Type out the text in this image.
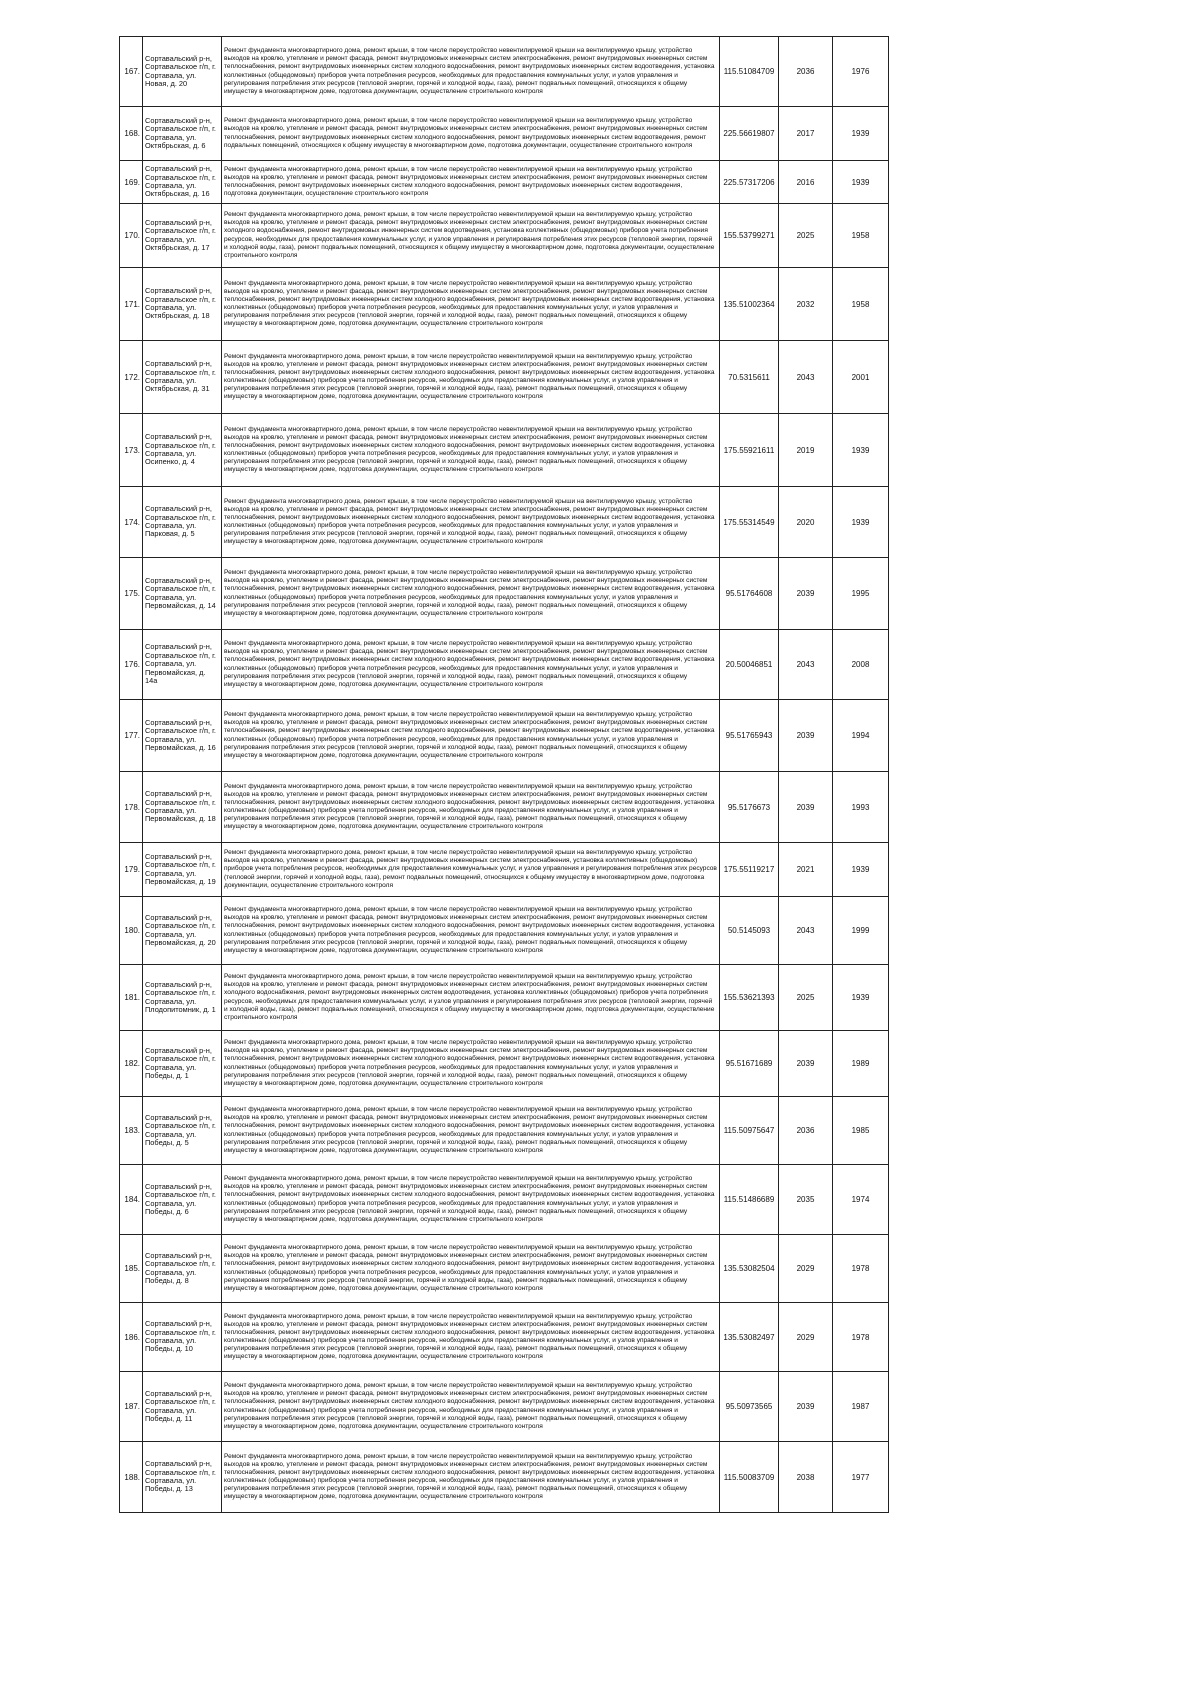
167.	Сортавальский р-н, Сортавальское г/п, г. Сортавала, ул. Новая, д. 20	Ремонт фундамента многоквартирного дома, ремонт крыши, в том числе переустройство невентилируемой крыши на вентилируемую крышу, устройство выходов на кровлю, утепление и ремонт фасада, ремонт внутридомовых инженерных систем электроснабжения, ремонт внутридомовых инженерных систем теплоснабжения, ремонт внутридомовых инженерных систем холодного водоснабжения, ремонт внутридомовых инженерных систем водоотведения, установка коллективных (общедомовых) приборов учета потребления ресурсов, необходимых для предоставления коммунальных услуг, и узлов управления и регулирования потребления этих ресурсов (тепловой энергии, горячей и холодной воды, газа), ремонт подвальных помещений, относящихся к общему имуществу в многоквартирном доме, подготовка документации, осуществление строительного контроля	115.51084709	2036	1976
168.	Сортавальский р-н, Сортавальское г/п, г. Сортавала, ул. Октябрьская, д. 6	Ремонт фундамента многоквартирного дома, ремонт крыши, в том числе переустройство невентилируемой крыши на вентилируемую крышу, устройство выходов на кровлю, утепление и ремонт фасада, ремонт внутридомовых инженерных систем электроснабжения, ремонт внутридомовых инженерных систем теплоснабжения, ремонт внутридомовых инженерных систем холодного водоснабжения, ремонт внутридомовых инженерных систем водоотведения, ремонт подвальных помещений, относящихся к общему имуществу в многоквартирном доме, подготовка документации, осуществление строительного контроля	225.56619807	2017	1939
169.	Сортавальский р-н, Сортавальское г/п, г. Сортавала, ул. Октябрьская, д. 16	Ремонт фундамента многоквартирного дома, ремонт крыши, в том числе переустройство невентилируемой крыши на вентилируемую крышу, устройство выходов на кровлю, утепление и ремонт фасада, ремонт внутридомовых инженерных систем электроснабжения, ремонт внутридомовых инженерных систем теплоснабжения, ремонт внутридомовых инженерных систем холодного водоснабжения, ремонт внутридомовых инженерных систем водоотведения, подготовка документации, осуществление строительного контроля	225.57317206	2016	1939
170.	Сортавальский р-н, Сортавальское г/п, г. Сортавала, ул. Октябрьская, д. 17	Ремонт фундамента многоквартирного дома, ремонт крыши, в том числе переустройство невентилируемой крыши на вентилируемую крышу, устройство выходов на кровлю, утепление и ремонт фасада, ремонт внутридомовых инженерных систем электроснабжения, ремонт внутридомовых инженерных систем холодного водоснабжения, ремонт внутридомовых инженерных систем водоотведения, установка коллективных (общедомовых) приборов учета потребления ресурсов, необходимых для предоставления коммунальных услуг, и узлов управления и регулирования потребления этих ресурсов (тепловой энергии, горячей и холодной воды, газа), ремонт подвальных помещений, относящихся к общему имуществу в многоквартирном доме, подготовка документации, осуществление строительного контроля	155.53799271	2025	1958
171.	Сортавальский р-н, Сортавальское г/п, г. Сортавала, ул. Октябрьская, д. 18	Ремонт фундамента многоквартирного дома, ремонт крыши, в том числе переустройство невентилируемой крыши на вентилируемую крышу, устройство выходов на кровлю, утепление и ремонт фасада, ремонт внутридомовых инженерных систем электроснабжения, ремонт внутридомовых инженерных систем теплоснабжения, ремонт внутридомовых инженерных систем холодного водоснабжения, ремонт внутридомовых инженерных систем водоотведения, установка коллективных (общедомовых) приборов учета потребления ресурсов, необходимых для предоставления коммунальных услуг, и узлов управления и регулирования потребления этих ресурсов (тепловой энергии, горячей и холодной воды, газа), ремонт подвальных помещений, относящихся к общему имуществу в многоквартирном доме, подготовка документации, осуществление строительного контроля	135.51002364	2032	1958
172.	Сортавальский р-н, Сортавальское г/п, г. Сортавала, ул. Октябрьская, д. 31	Ремонт фундамента многоквартирного дома, ремонт крыши, в том числе переустройство невентилируемой крыши на вентилируемую крышу, устройство выходов на кровлю, утепление и ремонт фасада, ремонт внутридомовых инженерных систем электроснабжения, ремонт внутридомовых инженерных систем теплоснабжения, ремонт внутридомовых инженерных систем холодного водоснабжения, ремонт внутридомовых инженерных систем водоотведения, установка коллективных (общедомовых) приборов учета потребления ресурсов, необходимых для предоставления коммунальных услуг, и узлов управления и регулирования потребления этих ресурсов (тепловой энергии, горячей и холодной воды, газа), ремонт подвальных помещений, относящихся к общему имуществу в многоквартирном доме, подготовка документации, осуществление строительного контроля	70.5315611	2043	2001
173.	Сортавальский р-н, Сортавальское г/п, г. Сортавала, ул. Осипенко, д. 4	Ремонт фундамента многоквартирного дома, ремонт крыши, в том числе переустройство невентилируемой крыши на вентилируемую крышу, устройство выходов на кровлю, утепление и ремонт фасада, ремонт внутридомовых инженерных систем электроснабжения, ремонт внутридомовых инженерных систем теплоснабжения, ремонт внутридомовых инженерных систем холодного водоснабжения, ремонт внутридомовых инженерных систем водоотведения, установка коллективных (общедомовых) приборов учета потребления ресурсов, необходимых для предоставления коммунальных услуг, и узлов управления и регулирования потребления этих ресурсов (тепловой энергии, горячей и холодной воды, газа), ремонт подвальных помещений, относящихся к общему имуществу в многоквартирном доме, подготовка документации, осуществление строительного контроля	175.55921611	2019	1939
174.	Сортавальский р-н, Сортавальское г/п, г. Сортавала, ул. Парковая, д. 5	Ремонт фундамента многоквартирного дома, ремонт крыши, в том числе переустройство невентилируемой крыши на вентилируемую крышу, устройство выходов на кровлю, утепление и ремонт фасада, ремонт внутридомовых инженерных систем электроснабжения, ремонт внутридомовых инженерных систем теплоснабжения, ремонт внутридомовых инженерных систем холодного водоснабжения, ремонт внутридомовых инженерных систем водоотведения, установка коллективных (общедомовых) приборов учета потребления ресурсов, необходимых для предоставления коммунальных услуг, и узлов управления и регулирования потребления этих ресурсов (тепловой энергии, горячей и холодной воды, газа), ремонт подвальных помещений, относящихся к общему имуществу в многоквартирном доме, подготовка документации, осуществление строительного контроля	175.55314549	2020	1939
175.	Сортавальский р-н, Сортавальское г/п, г. Сортавала, ул. Первомайская, д. 14	Ремонт фундамента многоквартирного дома, ремонт крыши, в том числе переустройство невентилируемой крыши на вентилируемую крышу, устройство выходов на кровлю, утепление и ремонт фасада, ремонт внутридомовых инженерных систем электроснабжения, ремонт внутридомовых инженерных систем теплоснабжения, ремонт внутридомовых инженерных систем холодного водоснабжения, ремонт внутридомовых инженерных систем водоотведения, установка коллективных (общедомовых) приборов учета потребления ресурсов, необходимых для предоставления коммунальных услуг, и узлов управления и регулирования потребления этих ресурсов (тепловой энергии, горячей и холодной воды, газа), ремонт подвальных помещений, относящихся к общему имуществу в многоквартирном доме, подготовка документации, осуществление строительного контроля	95.51764608	2039	1995
176.	Сортавальский р-н, Сортавальское г/п, г. Сортавала, ул. Первомайская, д. 14а	Ремонт фундамента многоквартирного дома, ремонт крыши, в том числе переустройство невентилируемой крыши на вентилируемую крышу, устройство выходов на кровлю, утепление и ремонт фасада, ремонт внутридомовых инженерных систем электроснабжения, ремонт внутридомовых инженерных систем теплоснабжения, ремонт внутридомовых инженерных систем холодного водоснабжения, ремонт внутридомовых инженерных систем водоотведения, установка коллективных (общедомовых) приборов учета потребления ресурсов, необходимых для предоставления коммунальных услуг, и узлов управления и регулирования потребления этих ресурсов (тепловой энергии, горячей и холодной воды, газа), ремонт подвальных помещений, относящихся к общему имуществу в многоквартирном доме, подготовка документации, осуществление строительного контроля	20.50046851	2043	2008
177.	Сортавальский р-н, Сортавальское г/п, г. Сортавала, ул. Первомайская, д. 16	Ремонт фундамента многоквартирного дома, ремонт крыши, в том числе переустройство невентилируемой крыши на вентилируемую крышу, устройство выходов на кровлю, утепление и ремонт фасада, ремонт внутридомовых инженерных систем электроснабжения, ремонт внутридомовых инженерных систем теплоснабжения, ремонт внутридомовых инженерных систем холодного водоснабжения, ремонт внутридомовых инженерных систем водоотведения, установка коллективных (общедомовых) приборов учета потребления ресурсов, необходимых для предоставления коммунальных услуг, и узлов управления и регулирования потребления этих ресурсов (тепловой энергии, горячей и холодной воды, газа), ремонт подвальных помещений, относящихся к общему имуществу в многоквартирном доме, подготовка документации, осуществление строительного контроля	95.51765943	2039	1994
178.	Сортавальский р-н, Сортавальское г/п, г. Сортавала, ул. Первомайская, д. 18	Ремонт фундамента многоквартирного дома, ремонт крыши, в том числе переустройство невентилируемой крыши на вентилируемую крышу, устройство выходов на кровлю, утепление и ремонт фасада, ремонт внутридомовых инженерных систем электроснабжения, ремонт внутридомовых инженерных систем теплоснабжения, ремонт внутридомовых инженерных систем холодного водоснабжения, ремонт внутридомовых инженерных систем водоотведения, установка коллективных (общедомовых) приборов учета потребления ресурсов, необходимых для предоставления коммунальных услуг, и узлов управления и регулирования потребления этих ресурсов (тепловой энергии, горячей и холодной воды, газа), ремонт подвальных помещений, относящихся к общему имуществу в многоквартирном доме, подготовка документации, осуществление строительного контроля	95.5176673	2039	1993
179.	Сортавальский р-н, Сортавальское г/п, г. Сортавала, ул. Первомайская, д. 19	Ремонт фундамента многоквартирного дома, ремонт крыши, в том числе переустройство невентилируемой крыши на вентилируемую крышу, устройство выходов на кровлю, утепление и ремонт фасада, ремонт внутридомовых инженерных систем электроснабжения, установка коллективных (общедомовых) приборов учета потребления ресурсов, необходимых для предоставления коммунальных услуг, и узлов управления и регулирования потребления этих ресурсов (тепловой энергии, горячей и холодной воды, газа), ремонт подвальных помещений, относящихся к общему имуществу в многоквартирном доме, подготовка документации, осуществление строительного контроля	175.55119217	2021	1939
180.	Сортавальский р-н, Сортавальское г/п, г. Сортавала, ул. Первомайская, д. 20	Ремонт фундамента многоквартирного дома, ремонт крыши, в том числе переустройство невентилируемой крыши на вентилируемую крышу, устройство выходов на кровлю, утепление и ремонт фасада, ремонт внутридомовых инженерных систем электроснабжения, ремонт внутридомовых инженерных систем теплоснабжения, ремонт внутридомовых инженерных систем холодного водоснабжения, ремонт внутридомовых инженерных систем водоотведения, установка коллективных (общедомовых) приборов учета потребления ресурсов, необходимых для предоставления коммунальных услуг, и узлов управления и регулирования потребления этих ресурсов (тепловой энергии, горячей и холодной воды, газа), ремонт подвальных помещений, относящихся к общему имуществу в многоквартирном доме, подготовка документации, осуществление строительного контроля	50.5145093	2043	1999
181.	Сортавальский р-н, Сортавальское г/п, г. Сортавала, ул. Плодопитомник, д. 1	Ремонт фундамента многоквартирного дома, ремонт крыши, в том числе переустройство невентилируемой крыши на вентилируемую крышу, устройство выходов на кровлю, утепление и ремонт фасада, ремонт внутридомовых инженерных систем электроснабжения, ремонт внутридомовых инженерных систем холодного водоснабжения, ремонт внутридомовых инженерных систем водоотведения, установка коллективных (общедомовых) приборов учета потребления ресурсов, необходимых для предоставления коммунальных услуг, и узлов управления и регулирования потребления этих ресурсов (тепловой энергии, горячей и холодной воды, газа), ремонт подвальных помещений, относящихся к общему имуществу в многоквартирном доме, подготовка документации, осуществление строительного контроля	155.53621393	2025	1939
182.	Сортавальский р-н, Сортавальское г/п, г. Сортавала, ул. Победы, д. 1	Ремонт фундамента многоквартирного дома, ремонт крыши, в том числе переустройство невентилируемой крыши на вентилируемую крышу, устройство выходов на кровлю, утепление и ремонт фасада, ремонт внутридомовых инженерных систем электроснабжения, ремонт внутридомовых инженерных систем теплоснабжения, ремонт внутридомовых инженерных систем холодного водоснабжения, ремонт внутридомовых инженерных систем водоотведения, установка коллективных (общедомовых) приборов учета потребления ресурсов, необходимых для предоставления коммунальных услуг, и узлов управления и регулирования потребления этих ресурсов (тепловой энергии, горячей и холодной воды, газа), ремонт подвальных помещений, относящихся к общему имуществу в многоквартирном доме, подготовка документации, осуществление строительного контроля	95.51671689	2039	1989
183.	Сортавальский р-н, Сортавальское г/п, г. Сортавала, ул. Победы, д. 5	Ремонт фундамента многоквартирного дома, ремонт крыши, в том числе переустройство невентилируемой крыши на вентилируемую крышу, устройство выходов на кровлю, утепление и ремонт фасада, ремонт внутридомовых инженерных систем электроснабжения, ремонт внутридомовых инженерных систем теплоснабжения, ремонт внутридомовых инженерных систем холодного водоснабжения, ремонт внутридомовых инженерных систем водоотведения, установка коллективных (общедомовых) приборов учета потребления ресурсов, необходимых для предоставления коммунальных услуг, и узлов управления и регулирования потребления этих ресурсов (тепловой энергии, горячей и холодной воды, газа), ремонт подвальных помещений, относящихся к общему имуществу в многоквартирном доме, подготовка документации, осуществление строительного контроля	115.50975647	2036	1985
184.	Сортавальский р-н, Сортавальское г/п, г. Сортавала, ул. Победы, д. 6	Ремонт фундамента многоквартирного дома, ремонт крыши, в том числе переустройство невентилируемой крыши на вентилируемую крышу, устройство выходов на кровлю, утепление и ремонт фасада, ремонт внутридомовых инженерных систем электроснабжения, ремонт внутридомовых инженерных систем теплоснабжения, ремонт внутридомовых инженерных систем холодного водоснабжения, ремонт внутридомовых инженерных систем водоотведения, установка коллективных (общедомовых) приборов учета потребления ресурсов, необходимых для предоставления коммунальных услуг, и узлов управления и регулирования потребления этих ресурсов (тепловой энергии, горячей и холодной воды, газа), ремонт подвальных помещений, относящихся к общему имуществу в многоквартирном доме, подготовка документации, осуществление строительного контроля	115.51486689	2035	1974
185.	Сортавальский р-н, Сортавальское г/п, г. Сортавала, ул. Победы, д. 8	Ремонт фундамента многоквартирного дома, ремонт крыши, в том числе переустройство невентилируемой крыши на вентилируемую крышу, устройство выходов на кровлю, утепление и ремонт фасада, ремонт внутридомовых инженерных систем электроснабжения, ремонт внутридомовых инженерных систем теплоснабжения, ремонт внутридомовых инженерных систем холодного водоснабжения, ремонт внутридомовых инженерных систем водоотведения, установка коллективных (общедомовых) приборов учета потребления ресурсов, необходимых для предоставления коммунальных услуг, и узлов управления и регулирования потребления этих ресурсов (тепловой энергии, горячей и холодной воды, газа), ремонт подвальных помещений, относящихся к общему имуществу в многоквартирном доме, подготовка документации, осуществление строительного контроля	135.53082504	2029	1978
186.	Сортавальский р-н, Сортавальское г/п, г. Сортавала, ул. Победы, д. 10	Ремонт фундамента многоквартирного дома, ремонт крыши, в том числе переустройство невентилируемой крыши на вентилируемую крышу, устройство выходов на кровлю, утепление и ремонт фасада, ремонт внутридомовых инженерных систем электроснабжения, ремонт внутридомовых инженерных систем теплоснабжения, ремонт внутридомовых инженерных систем холодного водоснабжения, ремонт внутридомовых инженерных систем водоотведения, установка коллективных (общедомовых) приборов учета потребления ресурсов, необходимых для предоставления коммунальных услуг, и узлов управления и регулирования потребления этих ресурсов (тепловой энергии, горячей и холодной воды, газа), ремонт подвальных помещений, относящихся к общему имуществу в многоквартирном доме, подготовка документации, осуществление строительного контроля	135.53082497	2029	1978
187.	Сортавальский р-н, Сортавальское г/п, г. Сортавала, ул. Победы, д. 11	Ремонт фундамента многоквартирного дома, ремонт крыши, в том числе переустройство невентилируемой крыши на вентилируемую крышу, устройство выходов на кровлю, утепление и ремонт фасада, ремонт внутридомовых инженерных систем электроснабжения, ремонт внутридомовых инженерных систем теплоснабжения, ремонт внутридомовых инженерных систем холодного водоснабжения, ремонт внутридомовых инженерных систем водоотведения, установка коллективных (общедомовых) приборов учета потребления ресурсов, необходимых для предоставления коммунальных услуг, и узлов управления и регулирования потребления этих ресурсов (тепловой энергии, горячей и холодной воды, газа), ремонт подвальных помещений, относящихся к общему имуществу в многоквартирном доме, подготовка документации, осуществление строительного контроля	95.50973565	2039	1987
188.	Сортавальский р-н, Сортавальское г/п, г. Сортавала, ул. Победы, д. 13	Ремонт фундамента многоквартирного дома, ремонт крыши, в том числе переустройство невентилируемой крыши на вентилируемую крышу, устройство выходов на кровлю, утепление и ремонт фасада, ремонт внутридомовых инженерных систем электроснабжения, ремонт внутридомовых инженерных систем теплоснабжения, ремонт внутридомовых инженерных систем холодного водоснабжения, ремонт внутридомовых инженерных систем водоотведения, установка коллективных (общедомовых) приборов учета потребления ресурсов, необходимых для предоставления коммунальных услуг, и узлов управления и регулирования потребления этих ресурсов (тепловой энергии, горячей и холодной воды, газа), ремонт подвальных помещений, относящихся к общему имуществу в многоквартирном доме, подготовка документации, осуществление строительного контроля	115.50083709	2038	1977
